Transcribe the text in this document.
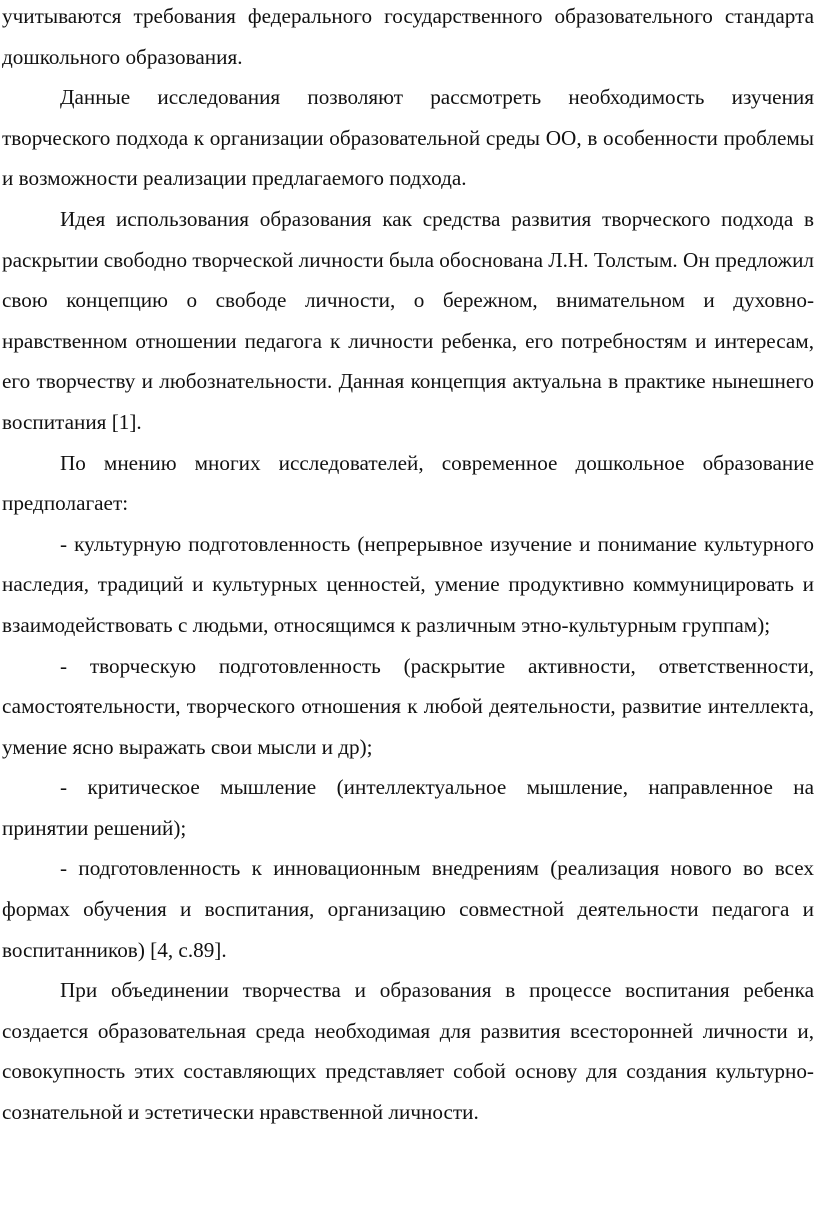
учитываются требования федерального государственного образовательного стандарта дошкольного образования.

Данные исследования позволяют рассмотреть необходимость изучения творческого подхода к организации образовательной среды ОО, в особенности проблемы и возможности реализации предлагаемого подхода.

Идея использования образования как средства развития творческого подхода в раскрытии свободно творческой личности была обоснована Л.Н. Толстым. Он предложил свою концепцию о свободе личности, о бережном, внимательном и духовно-нравственном отношении педагога к личности ребенка, его потребностям и интересам, его творчеству и любознательности. Данная концепция актуальна в практике нынешнего воспитания [1].

По мнению многих исследователей, современное дошкольное образование предполагает:

- культурную подготовленность (непрерывное изучение и понимание культурного наследия, традиций и культурных ценностей, умение продуктивно коммуницировать и взаимодействовать с людьми, относящимся к различным этно-культурным группам);

- творческую подготовленность (раскрытие активности, ответственности, самостоятельности, творческого отношения к любой деятельности, развитие интеллекта, умение ясно выражать свои мысли и др);

- критическое мышление (интеллектуальное мышление, направленное на принятии решений);

- подготовленность к инновационным внедрениям (реализация нового во всех формах обучения и воспитания, организацию совместной деятельности педагога и воспитанников) [4, с.89].

При объединении творчества и образования в процессе воспитания ребенка создается образовательная среда необходимая для развития всесторонней личности и, совокупность этих составляющих представляет собой основу для создания культурно-сознательной и эстетически нравственной личности.
